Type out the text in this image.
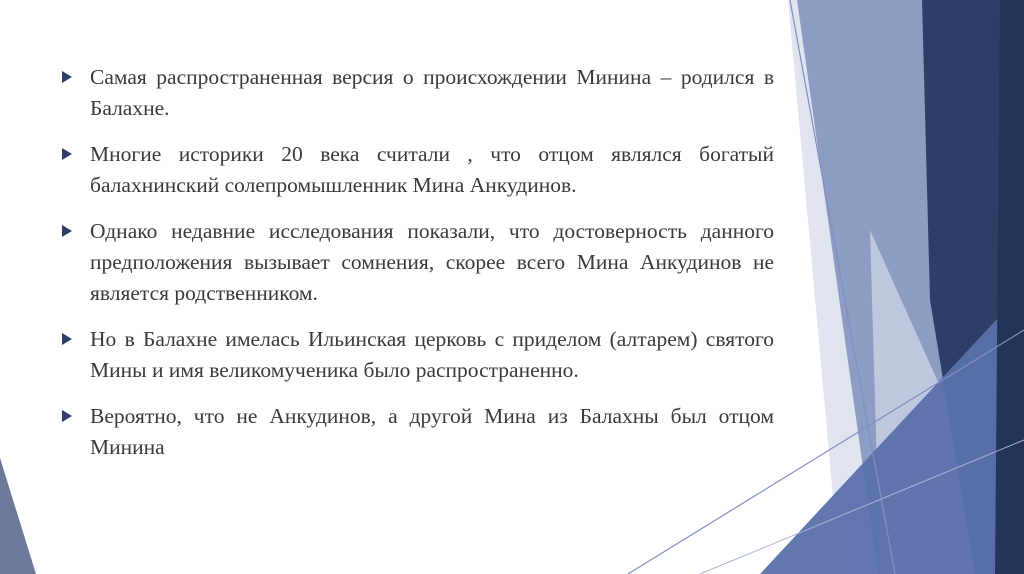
Самая распространенная версия о происхождении Минина – родился в Балахне.
Многие историки 20 века считали , что отцом являлся богатый балахнинский солепромышленник Мина Анкудинов.
Однако недавние исследования показали, что достоверность данного предположения вызывает сомнения, скорее всего Мина Анкудинов не является родственником.
Но в Балахне имелась Ильинская церковь с приделом (алтарем) святого Мины и имя великомученика было распространенно.
Вероятно, что не Анкудинов, а другой Мина из Балахны был отцом Минина
